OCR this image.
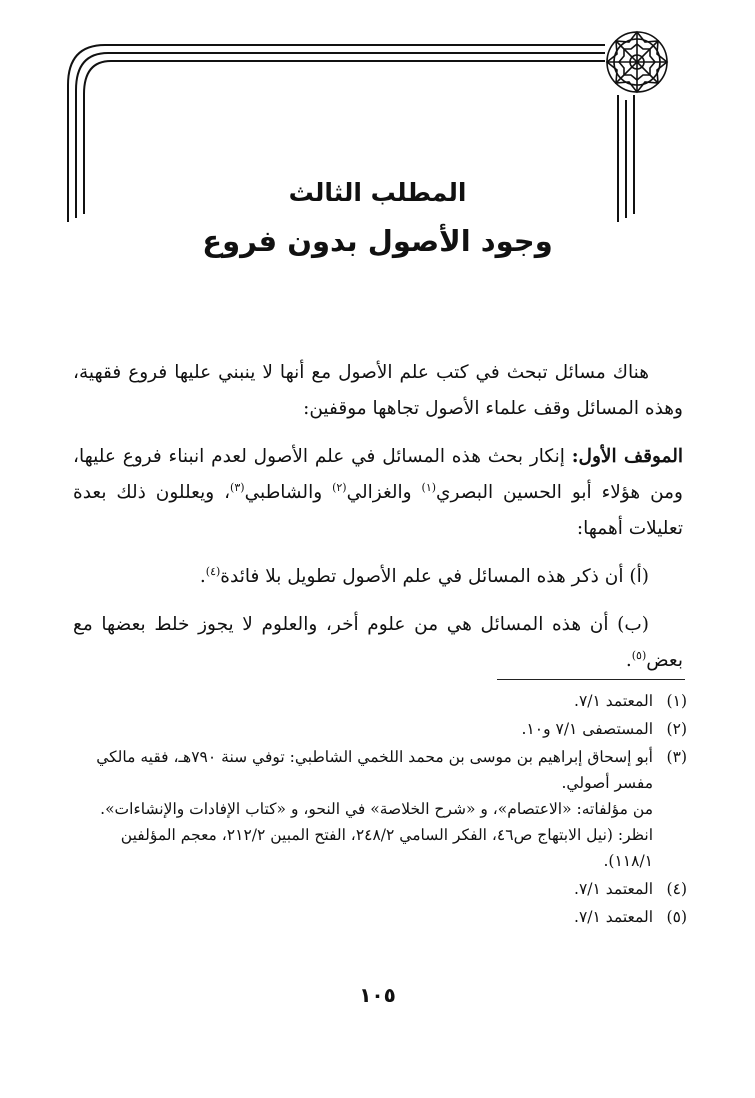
المطلب الثالث
وجود الأصول بدون فروع

هناك مسائل تبحث في كتب علم الأصول مع أنها لا ينبني عليها فروع فقهية، وهذه المسائل وقف علماء الأصول تجاهها موقفين:

الموقف الأول: إنكار بحث هذه المسائل في علم الأصول لعدم انبناء فروع عليها، ومن هؤلاء أبو الحسين البصري$^{(١)}$ والغزالي$^{(٢)}$ والشاطبي$^{(٣)}$، ويعللون ذلك بعدة تعليلات أهمها:

(أ) أن ذكر هذه المسائل في علم الأصول تطويل بلا فائدة$^{(٤)}$.

(ب) أن هذه المسائل هي من علوم أخر، والعلوم لا يجوز خلط بعضها مع بعض$^{(٥)}$.

(١)

المعتمد ٧/١.

(٢)

المستصفى ٧/١ و١٠.

(٣)

أبو إسحاق إبراهيم بن موسى بن محمد اللخمي الشاطبي: توفي سنة ٧٩٠هـ، فقيه مالكي مفسر أصولي.

من مؤلفاته: «الاعتصام»، و «شرح الخلاصة» في النحو، و «كتاب الإفادات والإنشاءات».

انظر: (نيل الابتهاج ص٤٦، الفكر السامي ٢٤٨/٢، الفتح المبين ٢١٢/٢، معجم المؤلفين ١١٨/١).

(٤)

المعتمد ٧/١.

(٥)

المعتمد ٧/١.

١٠٥
